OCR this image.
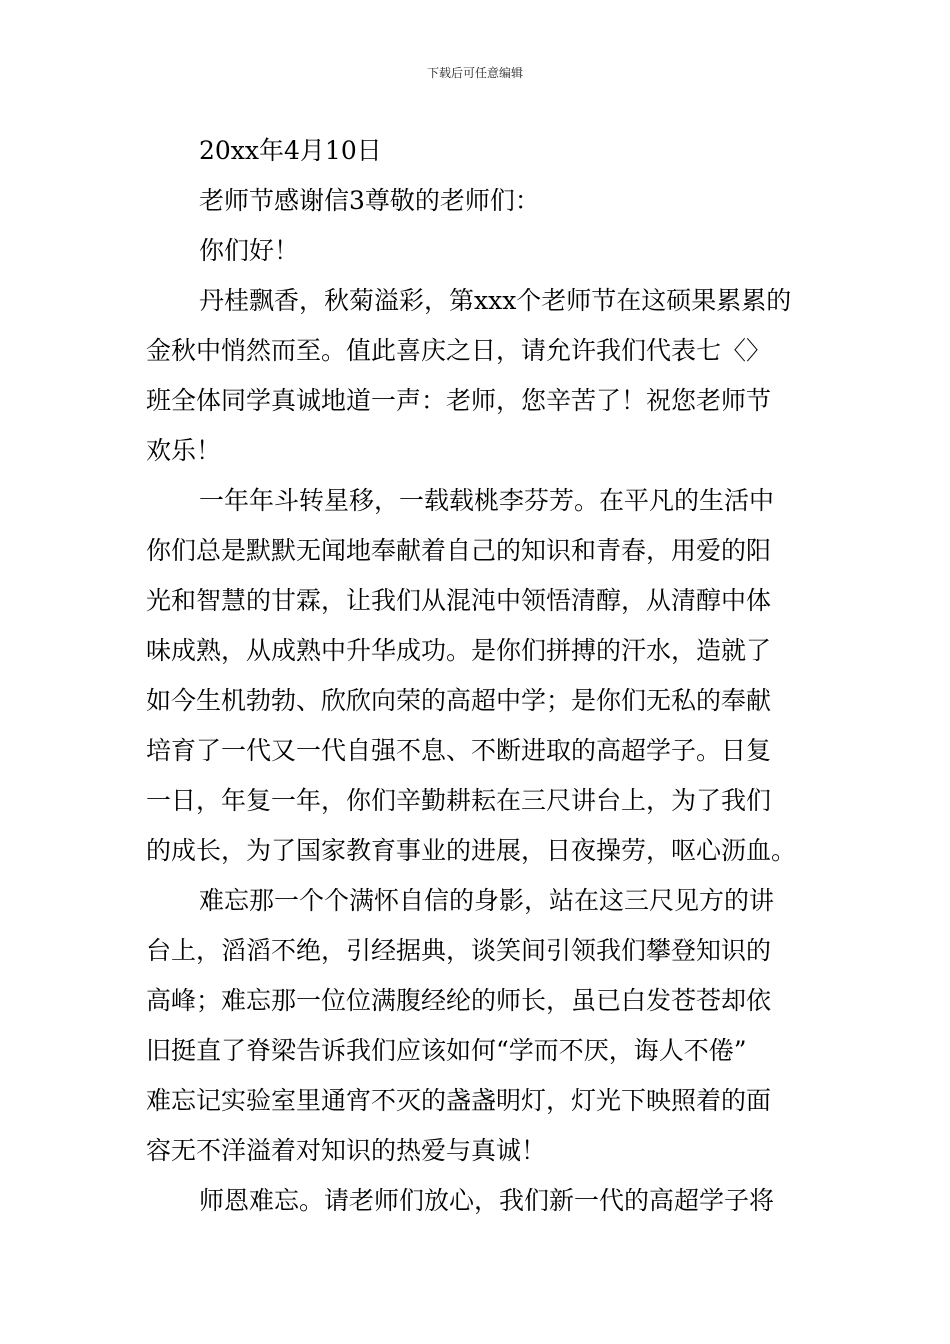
下载后可任意编辑
20xx年4月10日
老师节感谢信3尊敬的老师们：
你们好！
丹桂飘香，秋菊溢彩，第xxx个老师节在这硕果累累的
金秋中悄然而至。值此喜庆之日，请允许我们代表七〈〉
班全体同学真诚地道一声：老师，您辛苦了！祝您老师节
欢乐！
一年年斗转星移，一载载桃李芬芳。在平凡的生活中
你们总是默默无闻地奉献着自己的知识和青春，用爱的阳
光和智慧的甘霖，让我们从混沌中领悟清醇，从清醇中体
味成熟，从成熟中升华成功。是你们拼搏的汗水，造就了
如今生机勃勃、欣欣向荣的高超中学；是你们无私的奉献
培育了一代又一代自强不息、不断进取的高超学子。日复
一日，年复一年，你们辛勤耕耘在三尺讲台上，为了我们
的成长，为了国家教育事业的进展，日夜操劳，呕心沥血。
难忘那一个个满怀自信的身影，站在这三尺见方的讲
台上，滔滔不绝，引经据典，谈笑间引领我们攀登知识的
高峰；难忘那一位位满腹经纶的师长，虽已白发苍苍却依
旧挺直了脊梁告诉我们应该如何“学而不厌，诲人不倦”
难忘记实验室里通宵不灭的盏盏明灯，灯光下映照着的面
容无不洋溢着对知识的热爱与真诚！
师恩难忘。请老师们放心，我们新一代的高超学子将
